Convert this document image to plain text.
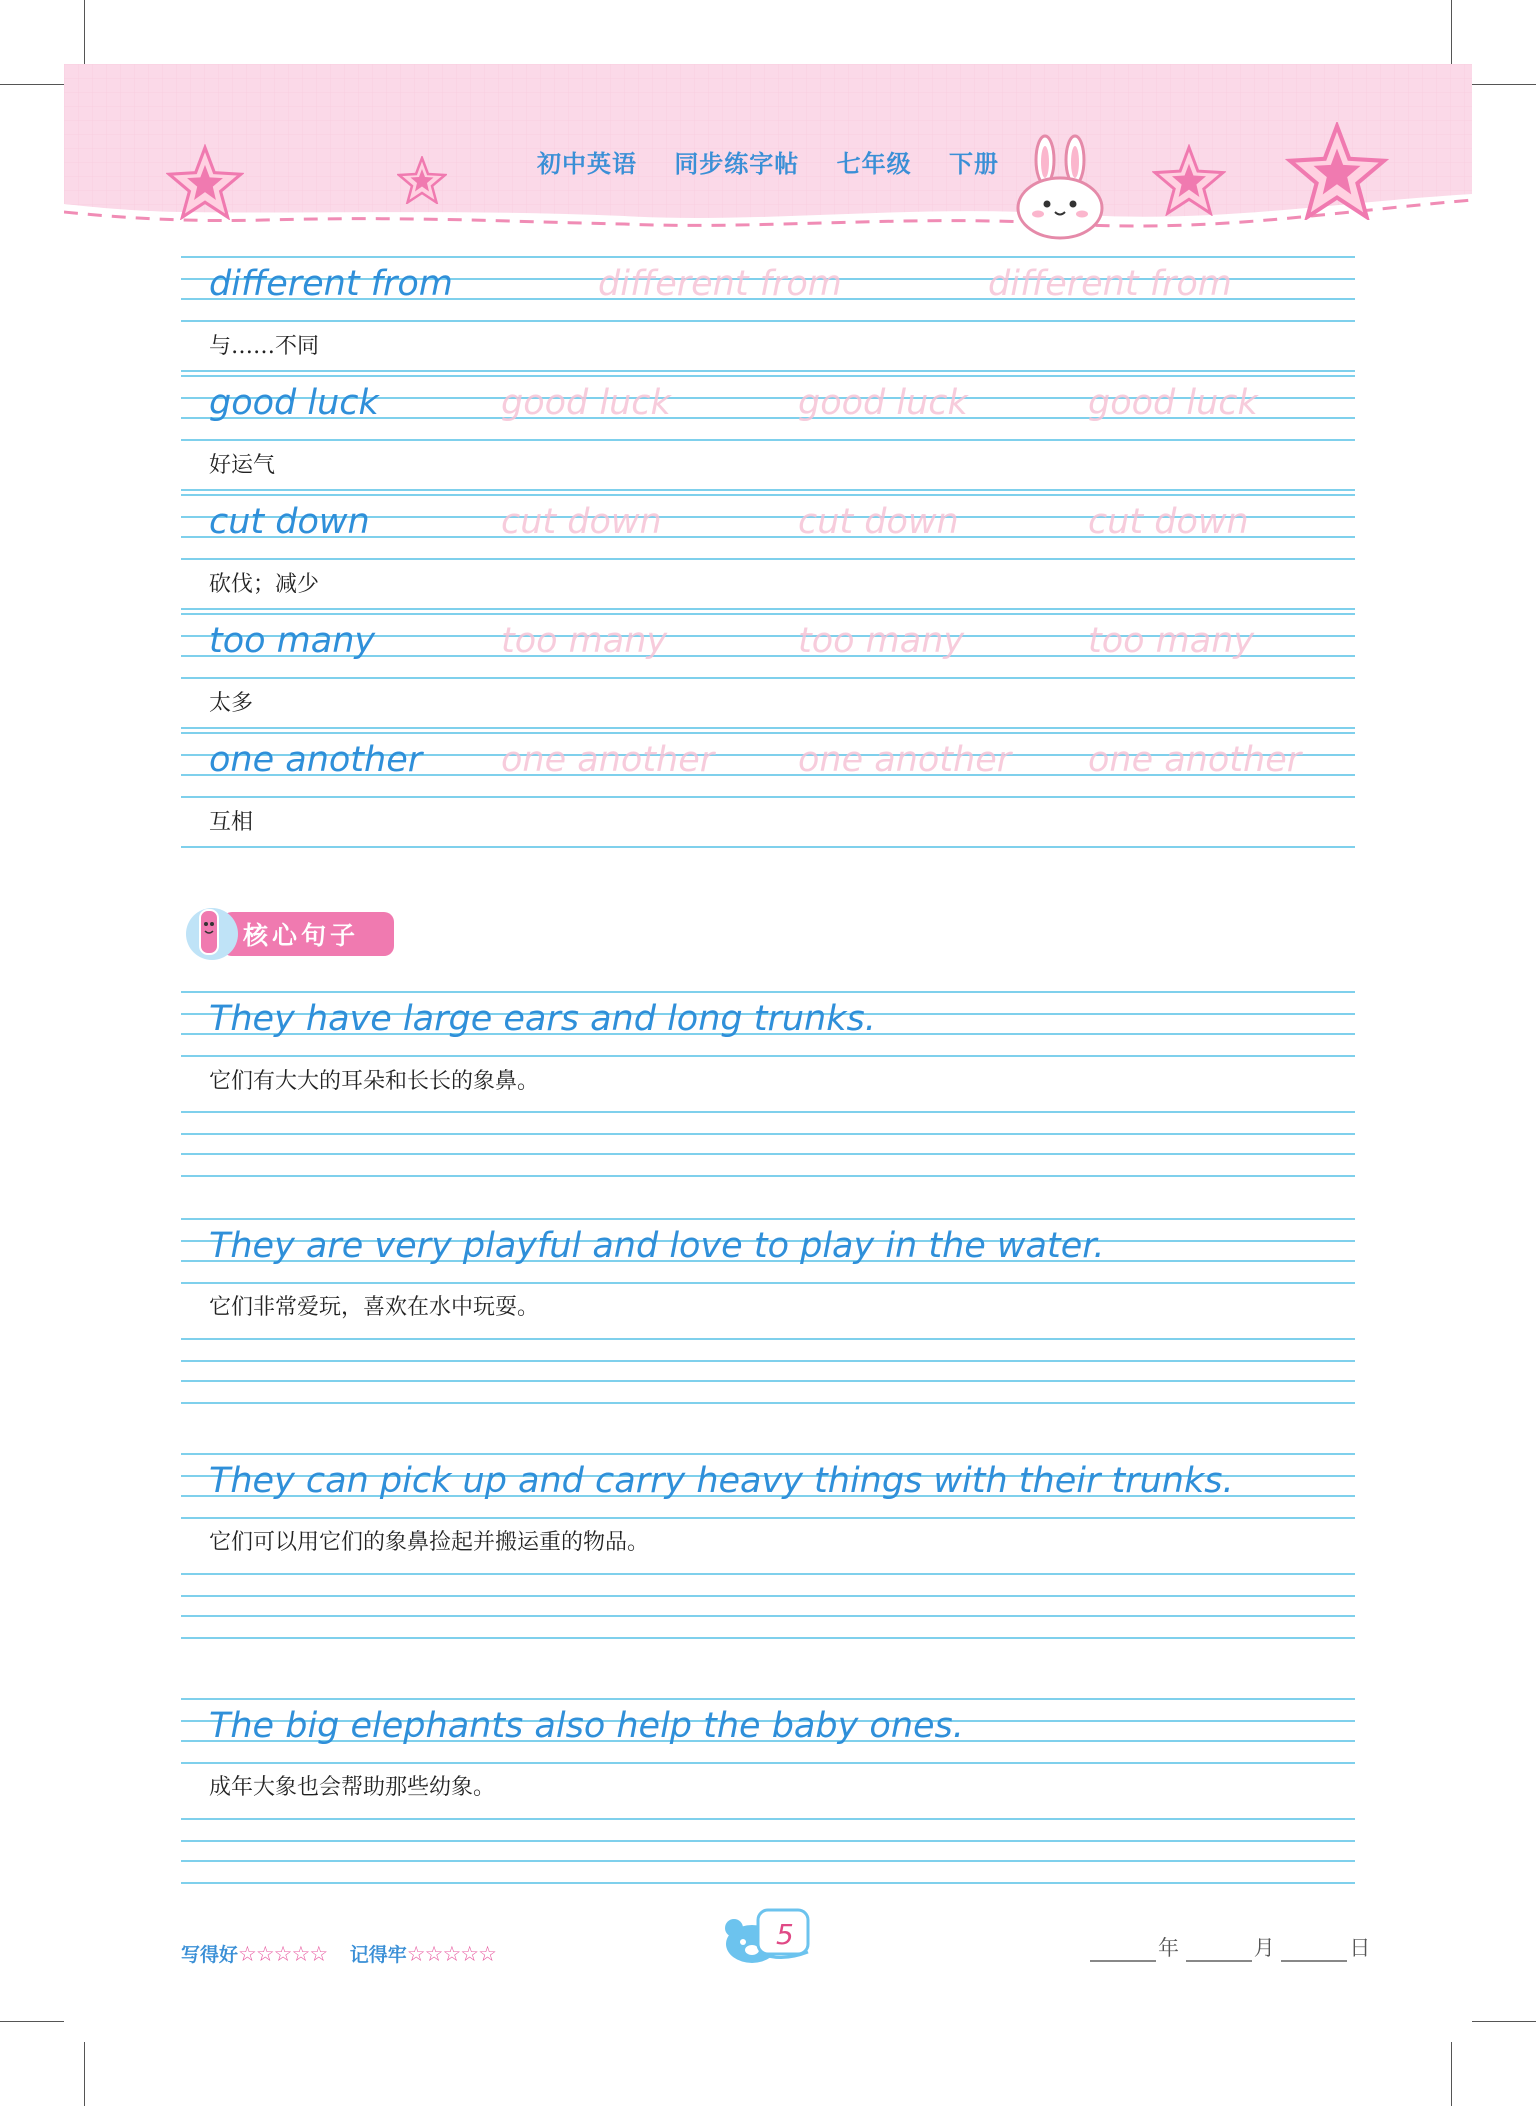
初中英语 同步练字帖 七年级 下册
different from	different from	different from
与……不同
good luck	good luck	good luck	good luck
好运气
cut down	cut down	cut down	cut down
砍伐；减少
too many	too many	too many	too many
太多
one another one another one another one another
互相
核心句子
They have large ears and long trunks.
它们有大大的耳朵和长长的象鼻。
They are very playful and love to play in the water.
它们非常爱玩，喜欢在水中玩耍。
They can pick up and carry heavy things with their trunks.
它们可以用它们的象鼻捡起并搬运重的物品。
The big elephants also help the baby ones.
成年大象也会帮助那些幼象。
写得好☆☆☆☆☆ 记得牢☆☆☆☆☆
5	年	月	日
